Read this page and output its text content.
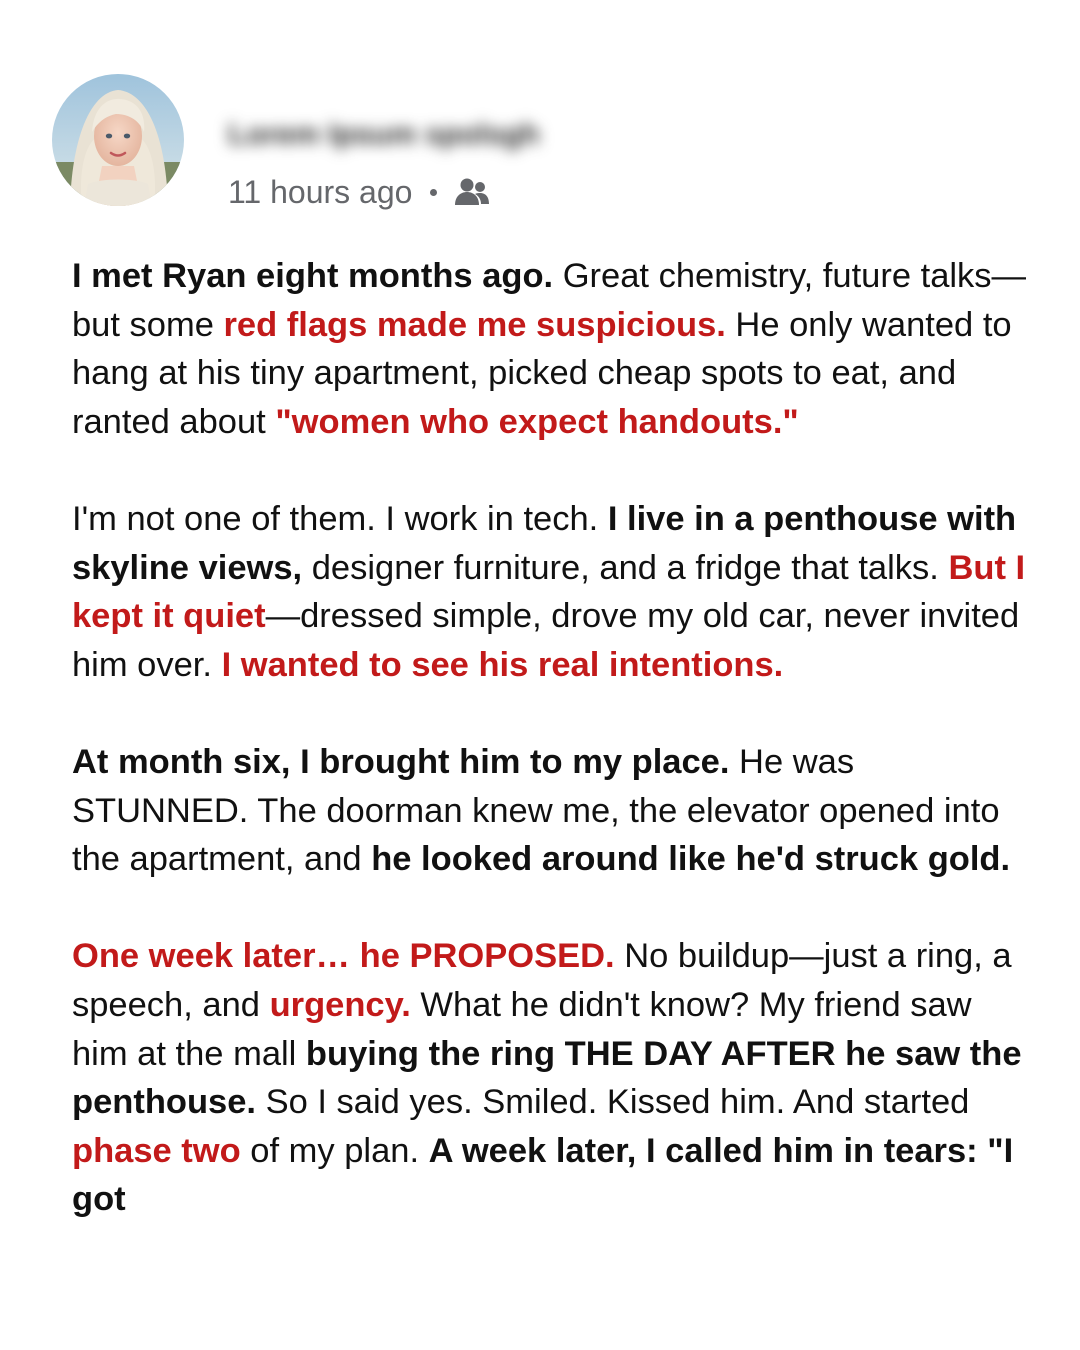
Lorem Ipsum spolsgh
11 hours ago

I met Ryan eight months ago. Great chemistry, future talks—but some red flags made me suspicious. He only wanted to hang at his tiny apartment, picked cheap spots to eat, and ranted about "women who expect handouts."

I'm not one of them. I work in tech. I live in a penthouse with skyline views, designer furniture, and a fridge that talks. But I kept it quiet—dressed simple, drove my old car, never invited him over. I wanted to see his real intentions.

At month six, I brought him to my place. He was STUNNED. The doorman knew me, the elevator opened into the apartment, and he looked around like he'd struck gold.

One week later… he PROPOSED. No buildup—just a ring, a speech, and urgency. What he didn't know? My friend saw him at the mall buying the ring THE DAY AFTER he saw the penthouse. So I said yes. Smiled. Kissed him. And started phase two of my plan. A week later, I called him in tears: "I got
